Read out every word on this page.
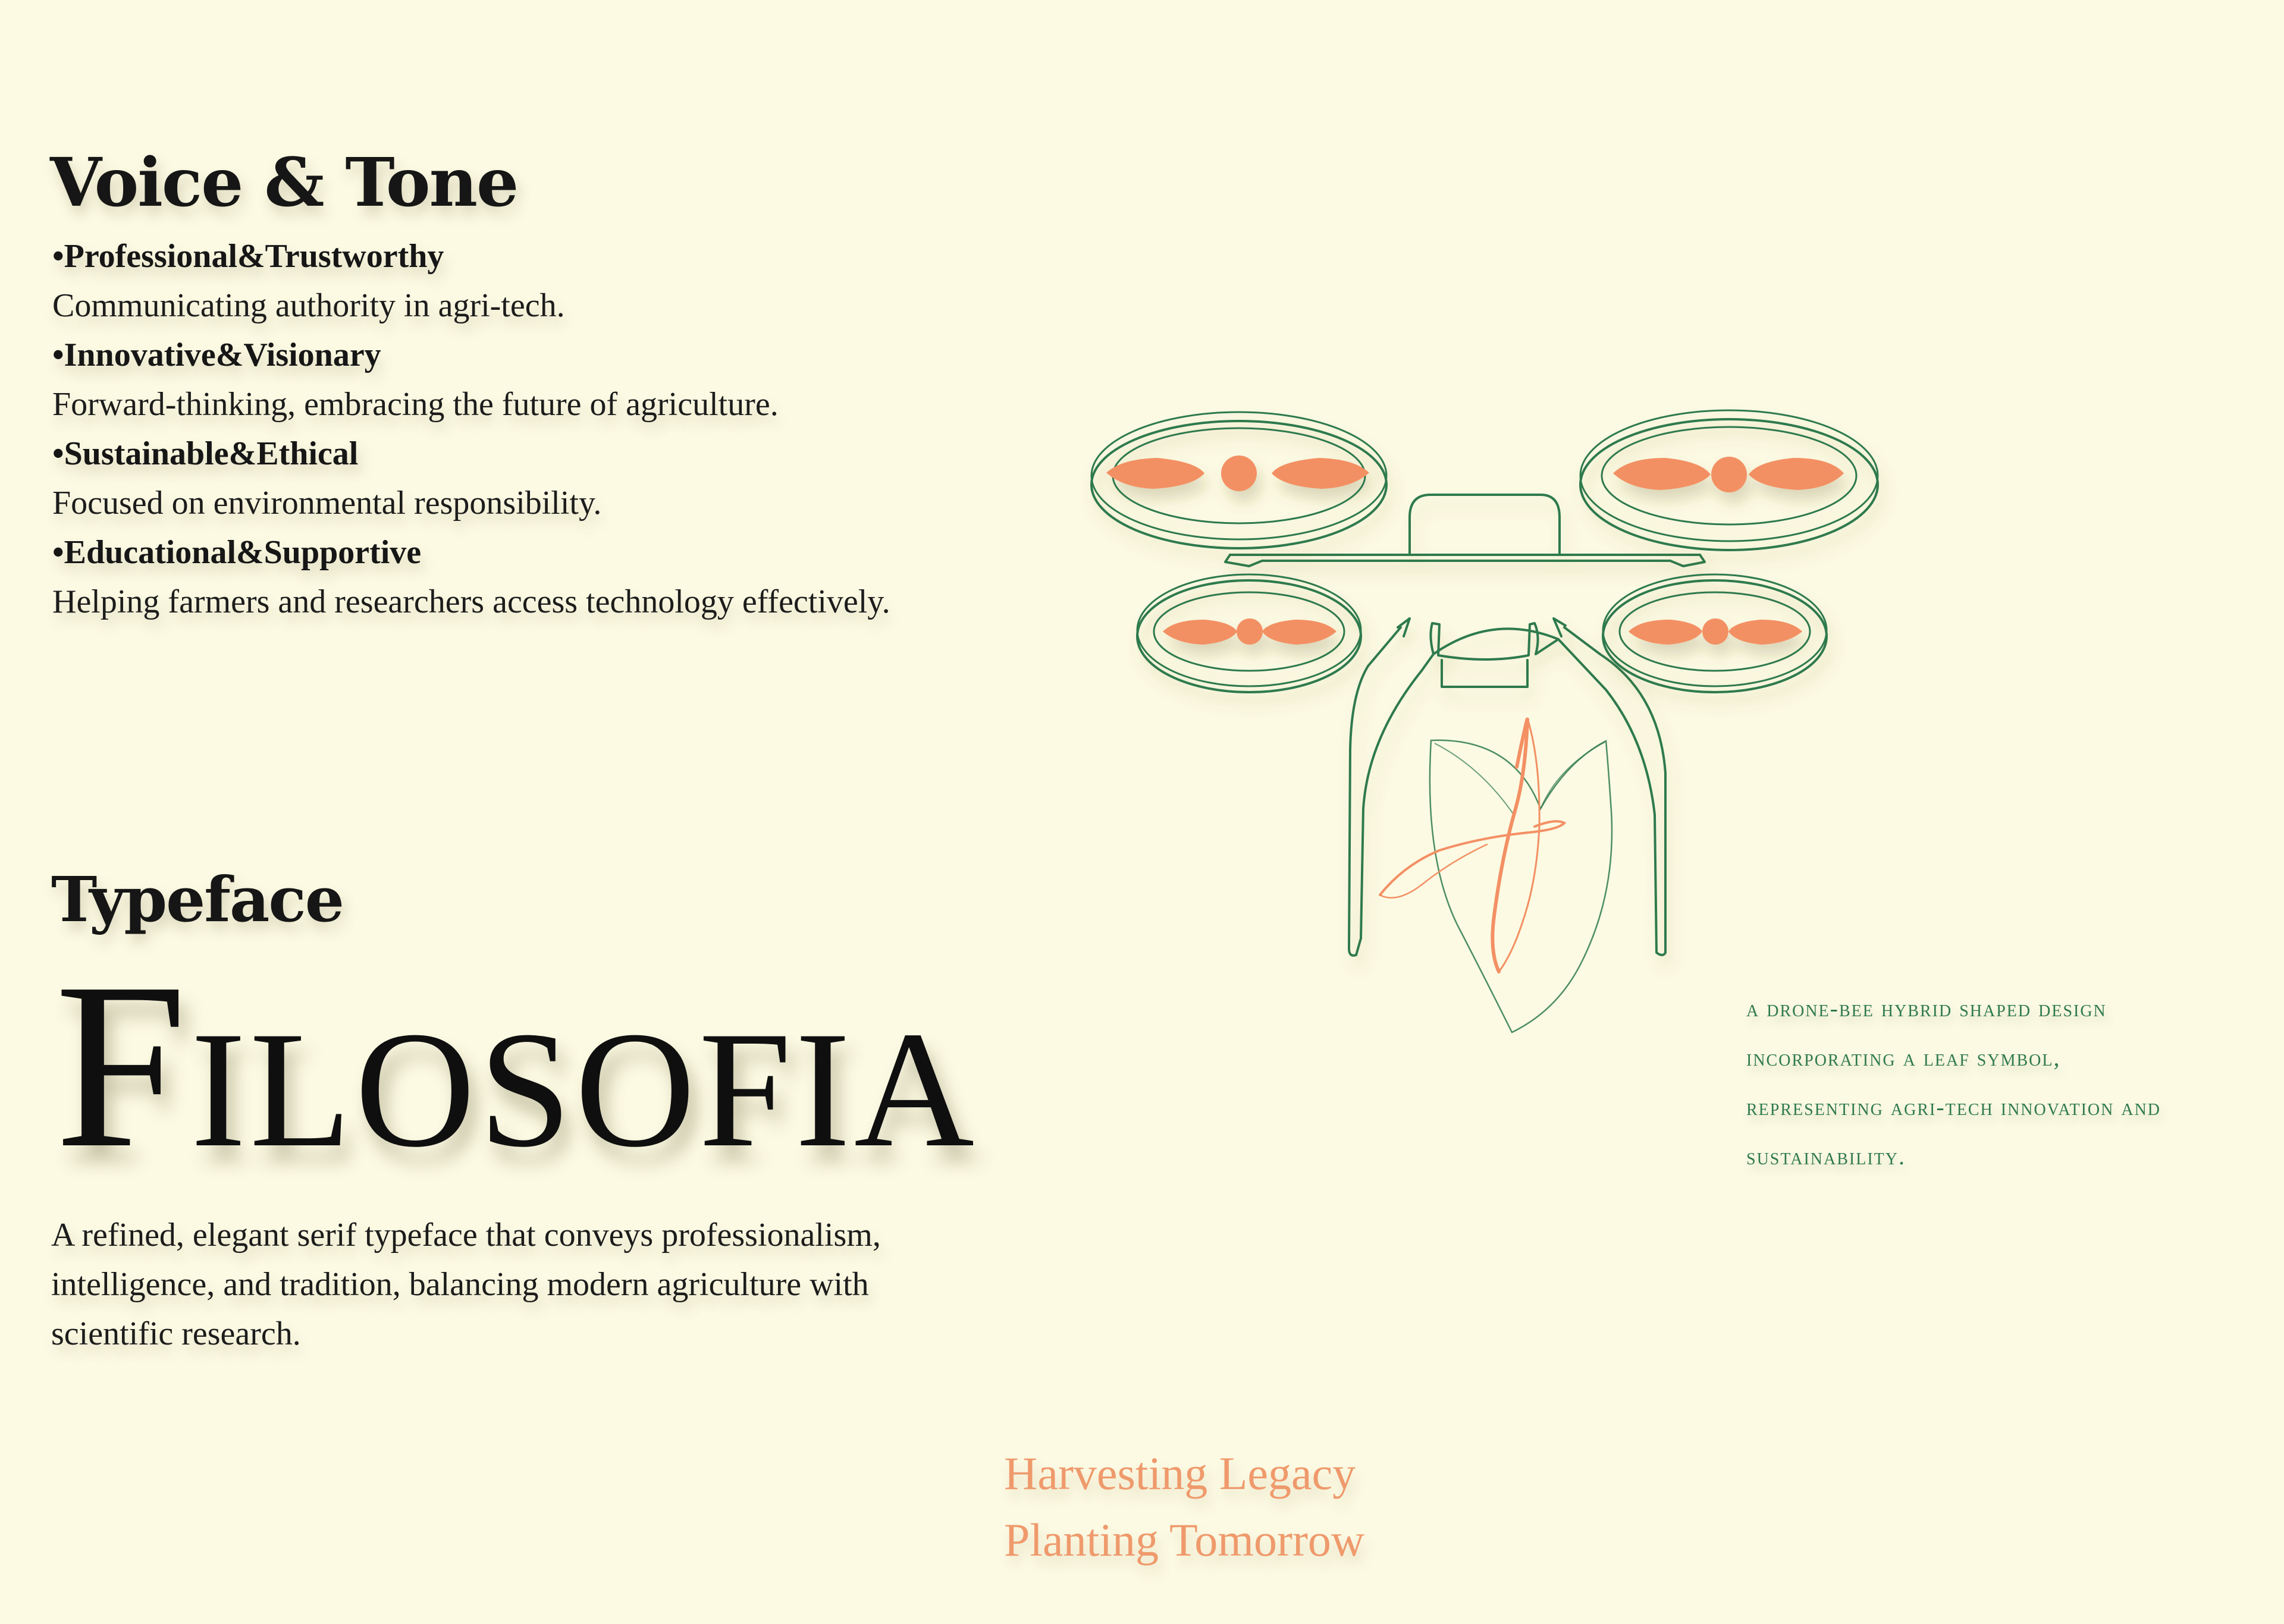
Voice & Tone
•Professional&Trustworthy
Communicating authority in agri-tech.
•Innovative&Visionary
Forward-thinking, embracing the future of agriculture.
•Sustainable&Ethical
Focused on environmental responsibility.
•Educational&Supportive
Helping farmers and researchers access technology effectively.
Typeface
Filosofia

A refined, elegant serif typeface that conveys professionalism, intelligence, and tradition, balancing modern agriculture with scientific research.

a drone-bee hybrid shaped design incorporating a leaf symbol, representing agri-tech innovation and sustainability.

Harvesting Legacy
Planting Tomorrow
